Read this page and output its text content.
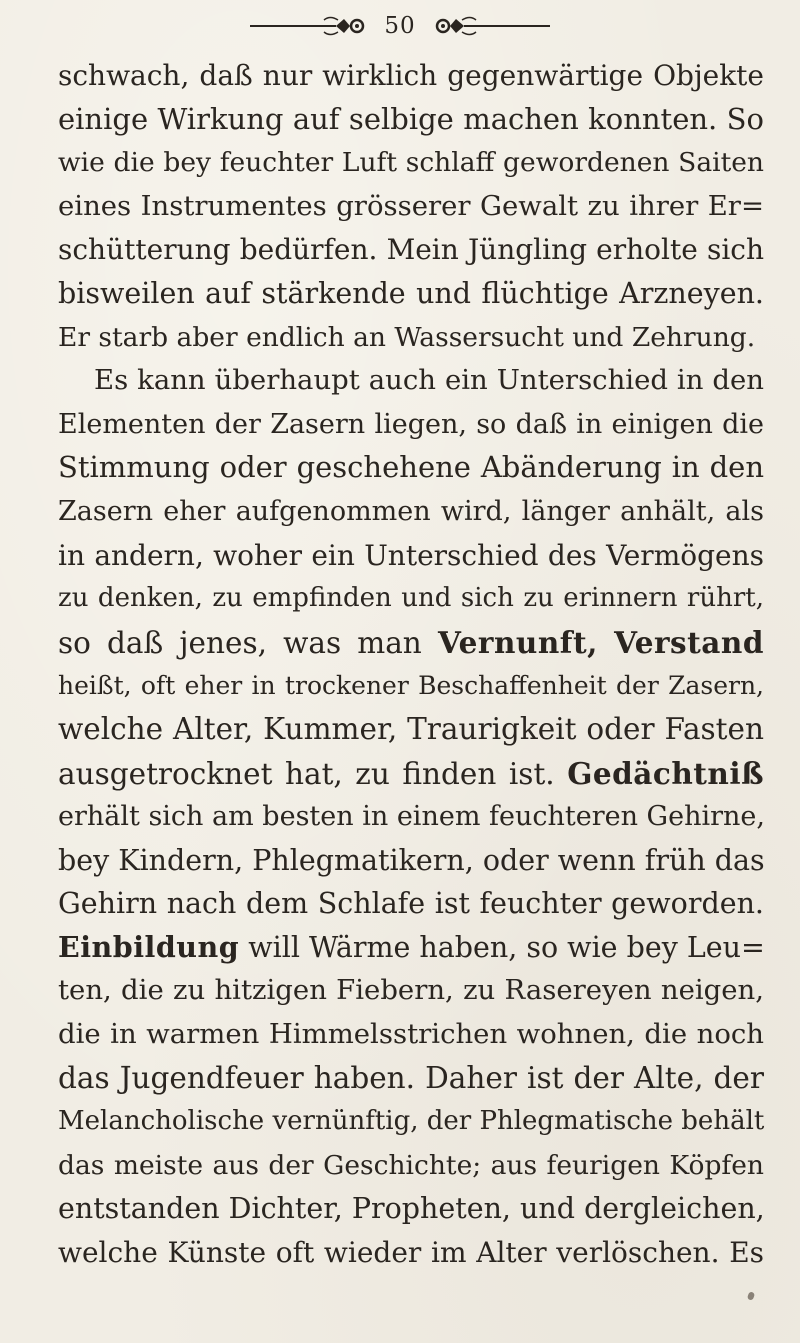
50
schwach, daß nur wirklich gegenwärtige Objekte
einige Wirkung auf selbige machen konnten. So
wie die bey feuchter Luft schlaff gewordenen Saiten
eines Instrumentes grösserer Gewalt zu ihrer Er=
schütterung bedürfen. Mein Jüngling erholte sich
bisweilen auf stärkende und flüchtige Arzneyen.
Er starb aber endlich an Wassersucht und Zehrung.
Es kann überhaupt auch ein Unterschied in den
Elementen der Zasern liegen, so daß in einigen die
Stimmung oder geschehene Abänderung in den
Zasern eher aufgenommen wird, länger anhält, als
in andern, woher ein Unterschied des Vermögens
zu denken, zu empfinden und sich zu erinnern rührt,
so daß jenes, was man Vernunft, Verstand
heißt, oft eher in trockener Beschaffenheit der Zasern,
welche Alter, Kummer, Traurigkeit oder Fasten
ausgetrocknet hat, zu finden ist. Gedächtniß
erhält sich am besten in einem feuchteren Gehirne,
bey Kindern, Phlegmatikern, oder wenn früh das
Gehirn nach dem Schlafe ist feuchter geworden.
Einbildung will Wärme haben, so wie bey Leu=
ten, die zu hitzigen Fiebern, zu Rasereyen neigen,
die in warmen Himmelsstrichen wohnen, die noch
das Jugendfeuer haben. Daher ist der Alte, der
Melancholische vernünftig, der Phlegmatische behält
das meiste aus der Geschichte; aus feurigen Köpfen
entstanden Dichter, Propheten, und dergleichen,
welche Künste oft wieder im Alter verlöschen. Es
